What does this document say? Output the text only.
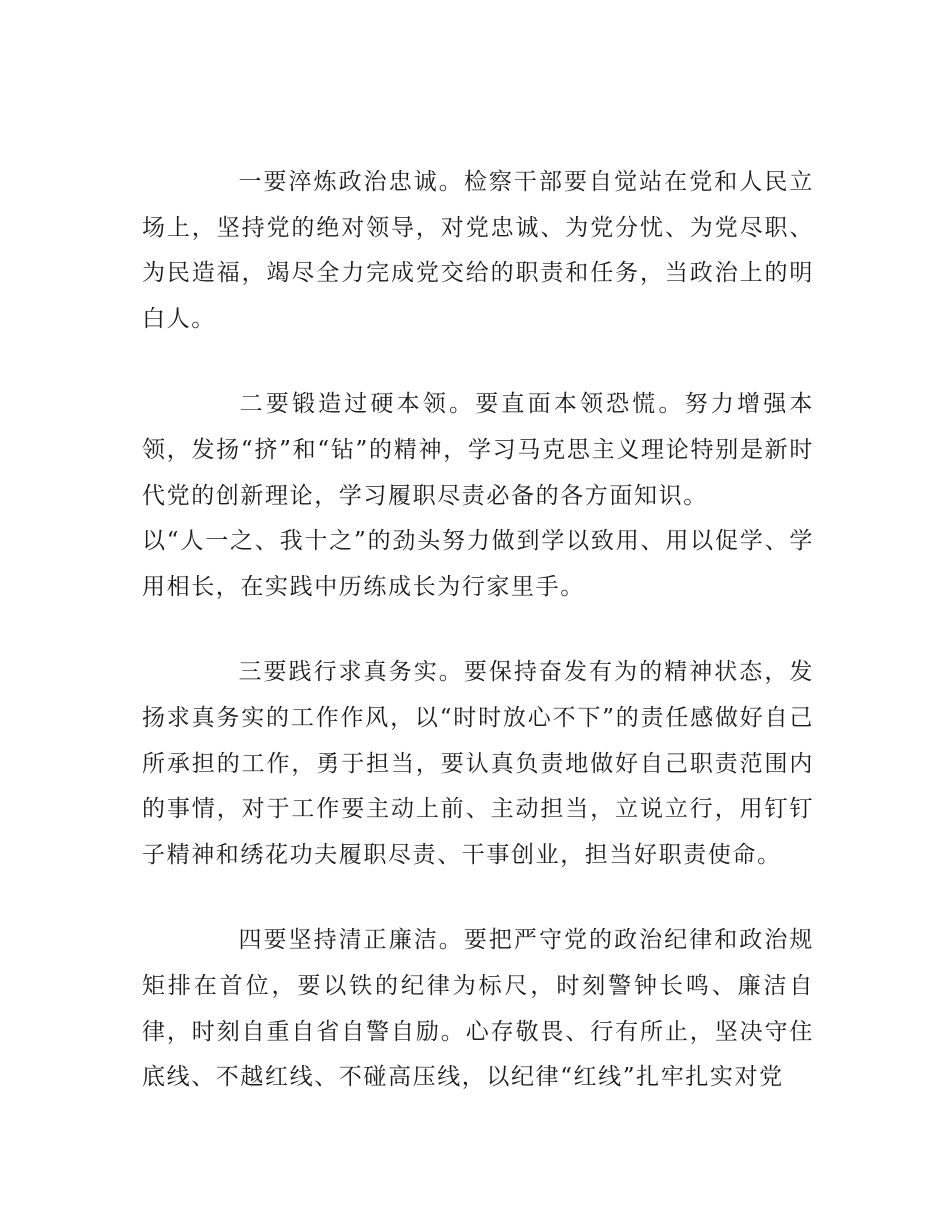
一要淬炼政治忠诚。检察干部要自觉站在党和人民立场上，坚持党的绝对领导，对党忠诚、为党分忧、为党尽职、为民造福，竭尽全力完成党交给的职责和任务，当政治上的明白人。

二要锻造过硬本领。要直面本领恐慌。努力增强本领，发扬“挤”和“钻”的精神，学习马克思主义理论特别是新时代党的创新理论，学习履职尽责必备的各方面知识。
以“人一之、我十之”的劲头努力做到学以致用、用以促学、学用相长，在实践中历练成长为行家里手。

三要践行求真务实。要保持奋发有为的精神状态，发扬求真务实的工作作风，以“时时放心不下”的责任感做好自己所承担的工作，勇于担当，要认真负责地做好自己职责范围内的事情，对于工作要主动上前、主动担当，立说立行，用钉钉子精神和绣花功夫履职尽责、干事创业，担当好职责使命。

四要坚持清正廉洁。要把严守党的政治纪律和政治规矩排在首位，要以铁的纪律为标尺，时刻警钟长鸣、廉洁自律，时刻自重自省自警自励。心存敬畏、行有所止，坚决守住底线、不越红线、不碰高压线，以纪律“红线”扎牢扎实对党
